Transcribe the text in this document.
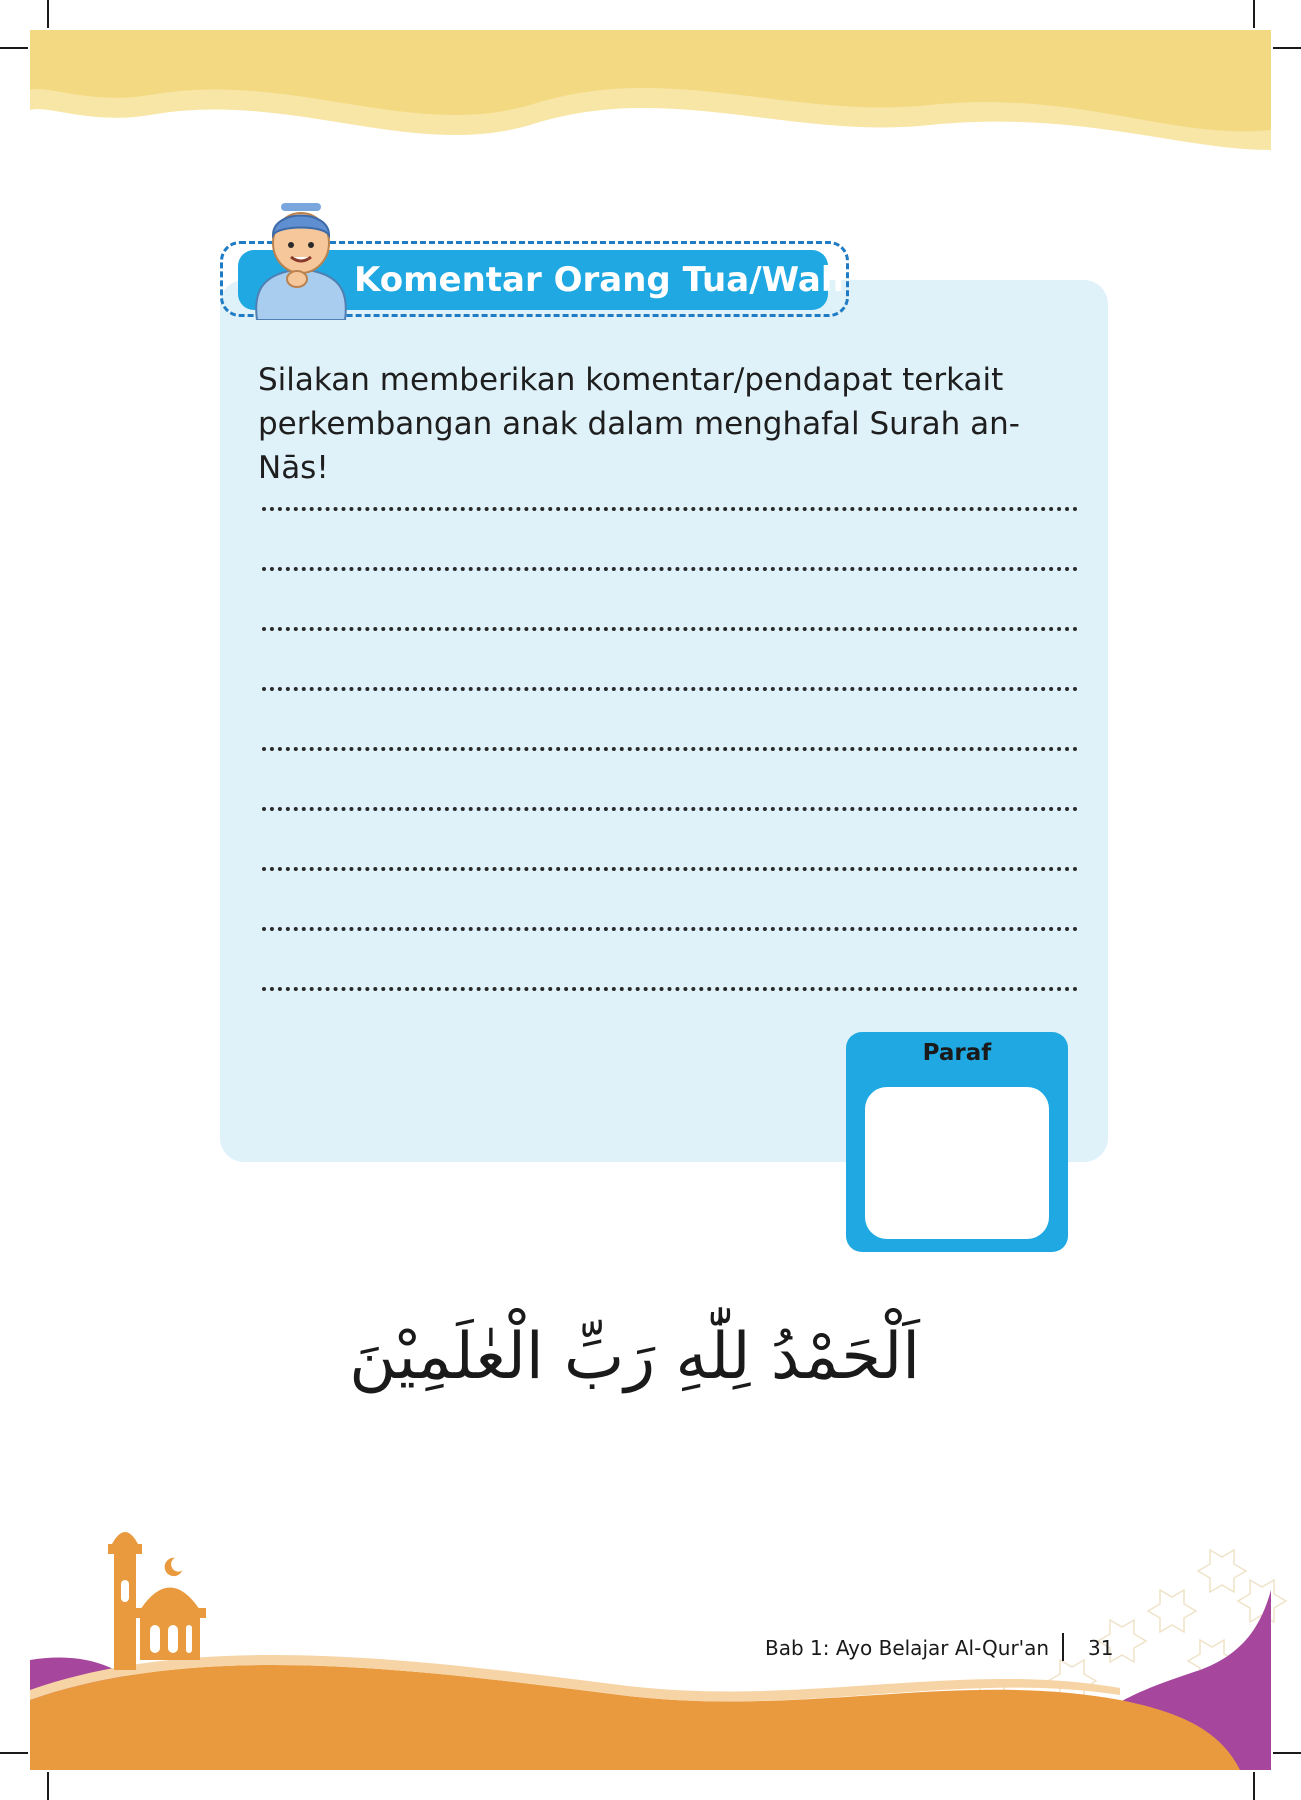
Komentar Orang Tua/Walí
Silakan memberikan komentar/pendapat terkait perkembangan anak dalam menghafal Surah an-Nās!
Paraf
اَلْحَمْدُ لِلّٰهِ رَبِّ الْعٰلَمِيْنَ
Bab 1: Ayo Belajar Al-Qur'an 31
